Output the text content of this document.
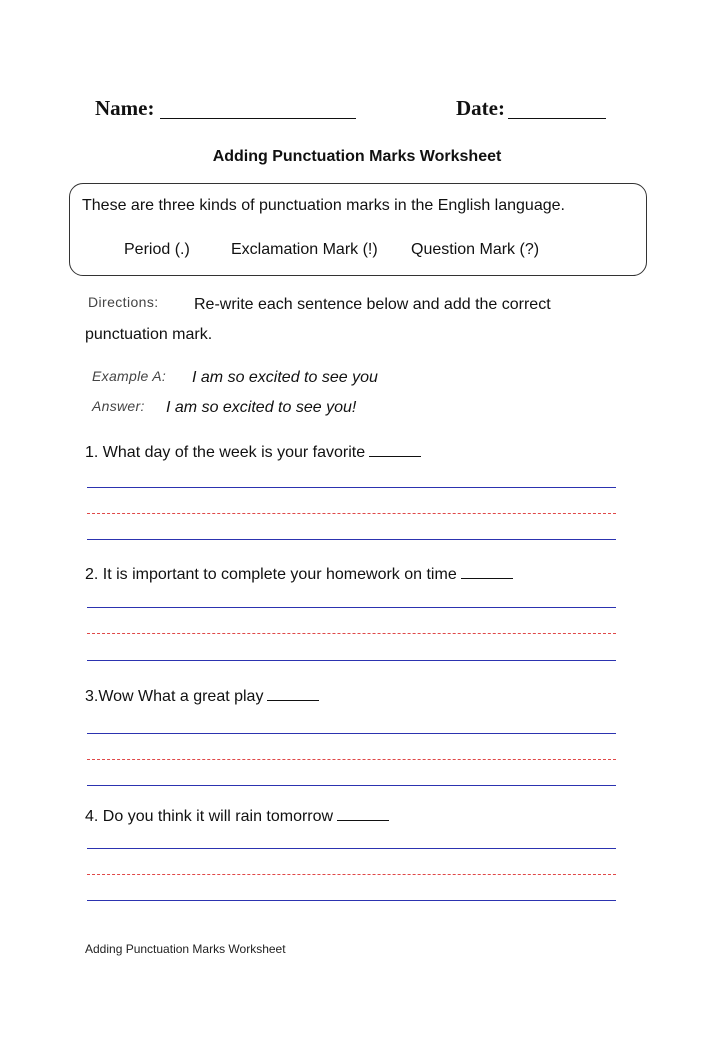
Name:	Date:
Adding Punctuation Marks Worksheet
These are three kinds of punctuation marks in the English language.
Period (.)	Exclamation Mark (!) Question Mark (?)
Directions: Re-write each sentence below and add the correct
punctuation mark.
Example A: I am so excited to see you
Answer: I am so excited to see you!
1. What day of the week is your favorite
2. It is important to complete your homework on time
3.Wow What a great play
4. Do you think it will rain tomorrow
Adding Punctuation Marks Worksheet
